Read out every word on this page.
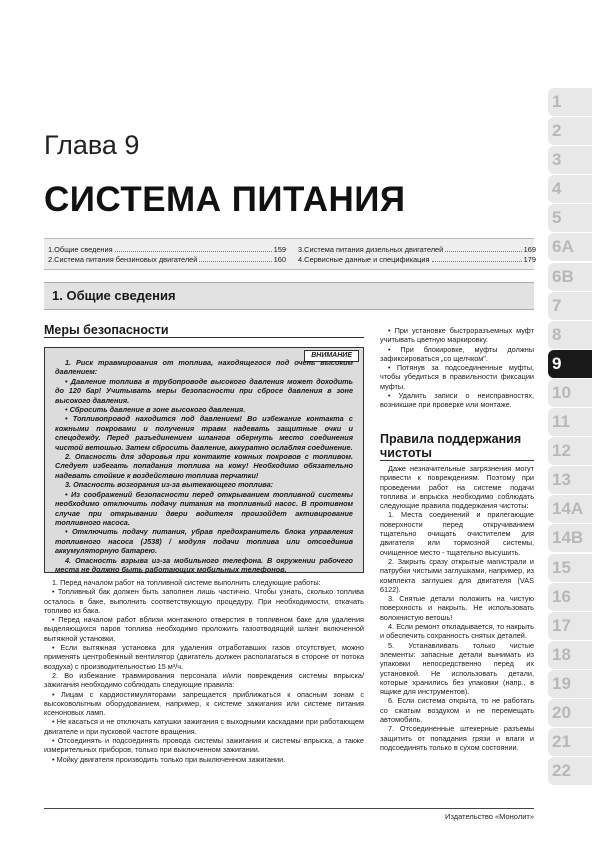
Глава 9
СИСТЕМА ПИТАНИЯ
1.Общие сведения	159
2.Система питания бензиновых двигателей	160
3.Система питания дизельных двигателей	169
4.Сервисные данные и спецификация	179
1. Общие сведения
Меры безопасности
ВНИМАНИЕ

1. Риск травмирования от топлива, находящегося под очень высоким давлением:

• Давление топлива в трубопроводе высокого давления может доходить до 120 бар! Учитывать меры безопасности при сбросе давления в зоне высокого давления.

• Сбросить давление в зоне высокого давления.

• Топливопровод находится под давлением! Во избежание контакта с кожными покровами и получения травм надевать защитные очки и спецодежду. Перед разъединением шлангов обернуть место соединения чистой ветошью. Затем сбросить давление, аккуратно ослабляя соединение.

2. Опасность для здоровья при контакте кожных покровов с топливом. Следует избегать попадания топлива на кожу! Необходимо обязательно надевать стойкие к воздействию топлива перчатки!

3. Опасность возгорания из-за вытекающего топлива:

• Из соображений безопасности перед открыванием топливной системы необходимо отключить подачу питания на топливный насос. В противном случае при открывании двери водителя произойдет активирование топливного насоса.

• Отключить подачу питания, убрав предохранитель блока управления топливного насоса (J538) / модуля подачи топлива или отсоединив аккумуляторную батарею.

4. Опасность взрыва из-за мобильного телефона. В окружении рабочего места не должно быть работающих мобильных телефонов.

1. Перед началом работ на топливной системе выполнить следующие работы:

• Топливный бак должен быть заполнен лишь частично. Чтобы узнать, сколько топлива осталось в баке, выполнить соответствующую процедуру. При необходимости, откачать топливо из бака.

• Перед началом работ вблизи монтажного отверстия в топливном баке для удаления выделяющихся паров топлива необходимо проложить газоотводящий шланг включенной вытяжной установки.

• Если вытяжная установка для удаления отработавших газов отсутствует, можно применять центробежный вентилятор (двигатель должен располагаться в стороне от потока воздуха) с производительностью 15 м³/ч.

2. Во избежание травмирования персонала и/или повреждения системы впрыска/зажигания необходимо соблюдать следующие правила:

• Лицам с кардиостимуляторами запрещается приближаться к опасным зонам с высоковольтным оборудованием, например, к системе зажигания или системе питания ксеноновых ламп.

• Не касаться и не отключать катушки зажигания с выходными каскадами при работающем двигателе и при пусковой частоте вращения.

• Отсоединять и подсоединять провода системы зажигания и системы впрыска, а также измерительных приборов, только при выключенном зажигании.

• Мойку двигателя производить только при выключенном зажигании.

• При установке быстроразъемных муфт учитывать цветную маркировку.

• При блокировке, муфты должны зафиксироваться „со щелчком".

• Потянув за подсоединенные муфты, чтобы убедиться в правильности фиксации муфты.

• Удалить записи о неисправностях, возникшие при проверке или монтаже.

Правила поддержания чистоты

Даже незначительные загрязнения могут привести к повреждениям. Поэтому при проведении работ на системе подачи топлива и впрыска необходимо соблюдать следующие правила поддержания чистоты:

1. Места соединений и прилегающие поверхности перед откручиванием тщательно очищать очистителем для двигателя или тормозной системы, очищенное место - тщательно высушить.

2. Закрыть сразу открытые магистрали и патрубки чистыми заглушками, например, из комплекта заглушек для двигателя (VAS 6122).

3. Снятые детали положить на чистую поверхность и накрыть. Не использовать волокнистую ветошь!

4. Если ремонт откладывается, то накрыть и обеспечить сохранность снятых деталей.

5. Устанавливать только чистые элементы: запасные детали вынимать из упаковки непосредственно перед их установкой. Не использовать детали, которые хранились без упаковки (напр., в ящике для инструментов).

6. Если система открыта, то не работать со сжатым воздухом и не перемещать автомобиль.

7. Отсоединенные штекерные разъемы защитить от попадания грязи и влаги и подсоединять только в сухом состоянии.

Издательство «Монолит»
1
2
3
4
5
6A
6B
7
8
9
10
11
12
13
14A
14B
15
16
17
18
19
20
21
22
